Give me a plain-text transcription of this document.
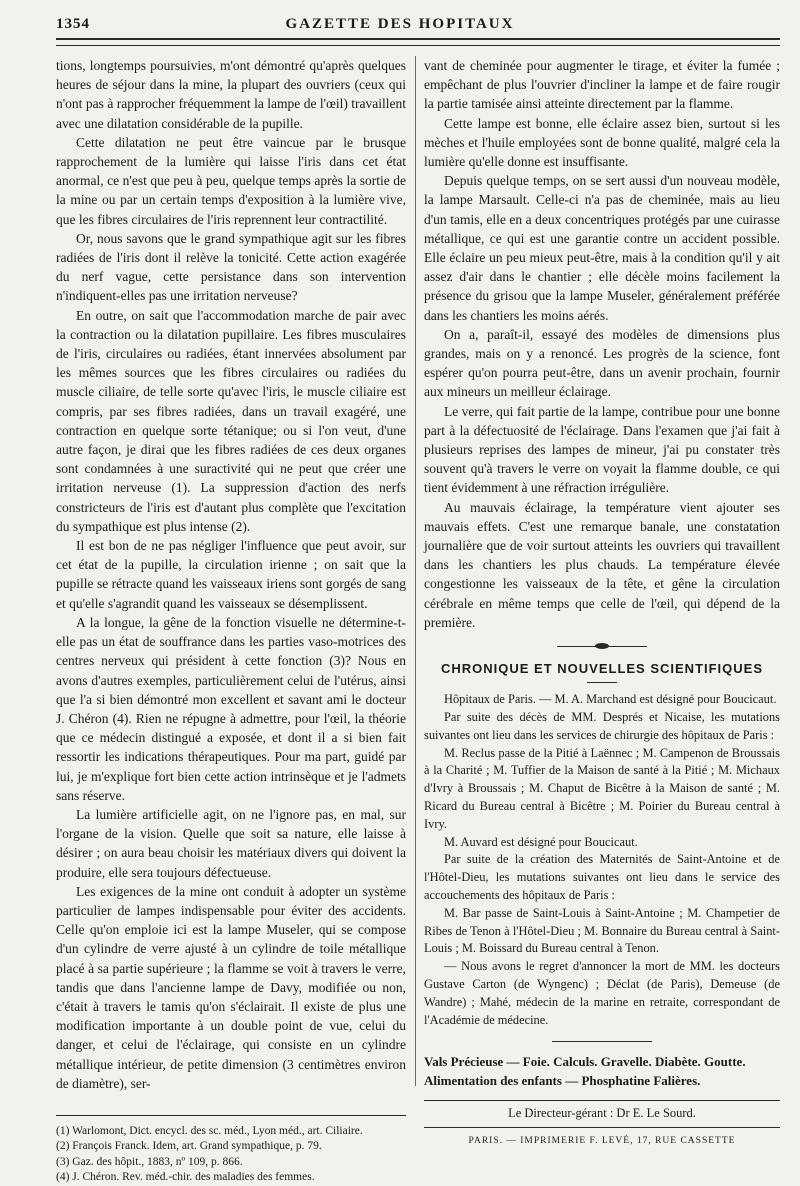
1354	GAZETTE DES HOPITAUX

tions, longtemps poursuivies, m'ont démontré qu'après quelques heures de séjour dans la mine, la plupart des ouvriers (ceux qui n'ont pas à rapprocher fréquemment la lampe de l'œil) travaillent avec une dilatation considérable de la pupille.

Cette dilatation ne peut être vaincue par le brusque rapprochement de la lumière qui laisse l'iris dans cet état anormal, ce n'est que peu à peu, quelque temps après la sortie de la mine ou par un certain temps d'exposition à la lumière vive, que les fibres circulaires de l'iris reprennent leur contractilité.

Or, nous savons que le grand sympathique agit sur les fibres radiées de l'iris dont il relève la tonicité. Cette action exagérée du nerf vague, cette persistance dans son intervention n'indiquent-elles pas une irritation nerveuse?

En outre, on sait que l'accommodation marche de pair avec la contraction ou la dilatation pupillaire. Les fibres musculaires de l'iris, circulaires ou radiées, étant innervées absolument par les mêmes sources que les fibres circulaires ou radiées du muscle ciliaire, de telle sorte qu'avec l'iris, le muscle ciliaire est compris, par ses fibres radiées, dans un travail exagéré, une contraction en quelque sorte tétanique; ou si l'on veut, d'une autre façon, je dirai que les fibres radiées de ces deux organes sont condamnées à une suractivité qui ne peut que créer une irritation nerveuse (1). La suppression d'action des nerfs constricteurs de l'iris est d'autant plus complète que l'excitation du sympathique est plus intense (2).

Il est bon de ne pas négliger l'influence que peut avoir, sur cet état de la pupille, la circulation irienne ; on sait que la pupille se rétracte quand les vaisseaux iriens sont gorgés de sang et qu'elle s'agrandit quand les vaisseaux se désemplissent.

A la longue, la gêne de la fonction visuelle ne détermine-t-elle pas un état de souffrance dans les parties vaso-motrices des centres nerveux qui président à cette fonction (3)? Nous en avons d'autres exemples, particulièrement celui de l'utérus, ainsi que l'a si bien démontré mon excellent et savant ami le docteur J. Chéron (4). Rien ne répugne à admettre, pour l'œil, la théorie que ce médecin distingué a exposée, et dont il a si bien fait ressortir les indications thérapeutiques. Pour ma part, guidé par lui, je m'explique fort bien cette action intrinsèque et je l'admets sans réserve.

La lumière artificielle agit, on ne l'ignore pas, en mal, sur l'organe de la vision. Quelle que soit sa nature, elle laisse à désirer ; on aura beau choisir les matériaux divers qui doivent la produire, elle sera toujours défectueuse.

Les exigences de la mine ont conduit à adopter un système particulier de lampes indispensable pour éviter des accidents. Celle qu'on emploie ici est la lampe Museler, qui se compose d'un cylindre de verre ajusté à un cylindre de toile métallique placé à sa partie supérieure ; la flamme se voit à travers le verre, tandis que dans l'ancienne lampe de Davy, modifiée ou non, c'était à travers le tamis qu'on s'éclairait. Il existe de plus une modification importante à un double point de vue, celui du danger, et celui de l'éclairage, qui consiste en un cylindre métallique intérieur, de petite dimension (3 centimètres environ de diamètre), ser-

(1) Warlomont, Dict. encycl. des sc. méd., Lyon méd., art. Ciliaire.
(2) François Franck. Idem, art. Grand sympathique, p. 79.
(3) Gaz. des hôpit., 1883, nº 109, p. 866.
(4) J. Chéron. Rev. méd.-chir. des maladies des femmes.

vant de cheminée pour augmenter le tirage, et éviter la fumée ; empêchant de plus l'ouvrier d'incliner la lampe et de faire rougir la partie tamisée ainsi atteinte directement par la flamme.

Cette lampe est bonne, elle éclaire assez bien, surtout si les mèches et l'huile employées sont de bonne qualité, malgré cela la lumière qu'elle donne est insuffisante.

Depuis quelque temps, on se sert aussi d'un nouveau modèle, la lampe Marsault. Celle-ci n'a pas de cheminée, mais au lieu d'un tamis, elle en a deux concentriques protégés par une cuirasse métallique, ce qui est une garantie contre un accident possible. Elle éclaire un peu mieux peut-être, mais à la condition qu'il y ait assez d'air dans le chantier ; elle décèle moins facilement la présence du grisou que la lampe Museler, généralement préférée dans les chantiers les moins aérés.

On a, paraît-il, essayé des modèles de dimensions plus grandes, mais on y a renoncé. Les progrès de la science, font espérer qu'on pourra peut-être, dans un avenir prochain, fournir aux mineurs un meilleur éclairage.

Le verre, qui fait partie de la lampe, contribue pour une bonne part à la défectuosité de l'éclairage. Dans l'examen que j'ai fait à plusieurs reprises des lampes de mineur, j'ai pu constater très souvent qu'à travers le verre on voyait la flamme double, ce qui tient évidemment à une réfraction irrégulière.

Au mauvais éclairage, la température vient ajouter ses mauvais effets. C'est une remarque banale, une constatation journalière que de voir surtout atteints les ouvriers qui travaillent dans les chantiers les plus chauds. La température élevée congestionne les vaisseaux de la tête, et gêne la circulation cérébrale en même temps que celle de l'œil, qui dépend de la première.

CHRONIQUE ET NOUVELLES SCIENTIFIQUES

Hôpitaux de Paris. — M. A. Marchand est désigné pour Boucicaut.

Par suite des décès de MM. Després et Nicaise, les mutations suivantes ont lieu dans les services de chirurgie des hôpitaux de Paris :

M. Reclus passe de la Pitié à Laënnec ; M. Campenon de Broussais à la Charité ; M. Tuffier de la Maison de santé à la Pitié ; M. Michaux d'Ivry à Broussais ; M. Chaput de Bicêtre à la Maison de santé ; M. Ricard du Bureau central à Bicêtre ; M. Poirier du Bureau central à Ivry.

M. Auvard est désigné pour Boucicaut.

Par suite de la création des Maternités de Saint-Antoine et de l'Hôtel-Dieu, les mutations suivantes ont lieu dans le service des accouchements des hôpitaux de Paris :

M. Bar passe de Saint-Louis à Saint-Antoine ; M. Champetier de Ribes de Tenon à l'Hôtel-Dieu ; M. Bonnaire du Bureau central à Saint-Louis ; M. Boissard du Bureau central à Tenon.

— Nous avons le regret d'annoncer la mort de MM. les docteurs Gustave Carton (de Wyngenc) ; Déclat (de Paris), Demeuse (de Wandre) ; Mahé, médecin de la marine en retraite, correspondant de l'Académie de médecine.

Vals Précieuse — Foie. Calculs. Gravelle. Diabète. Goutte.

Alimentation des enfants — Phosphatine Falières.

Le Directeur-gérant : Dr E. Le Sourd.
PARIS. — IMPRIMERIE F. LEVÉ, 17, RUE CASSETTE
